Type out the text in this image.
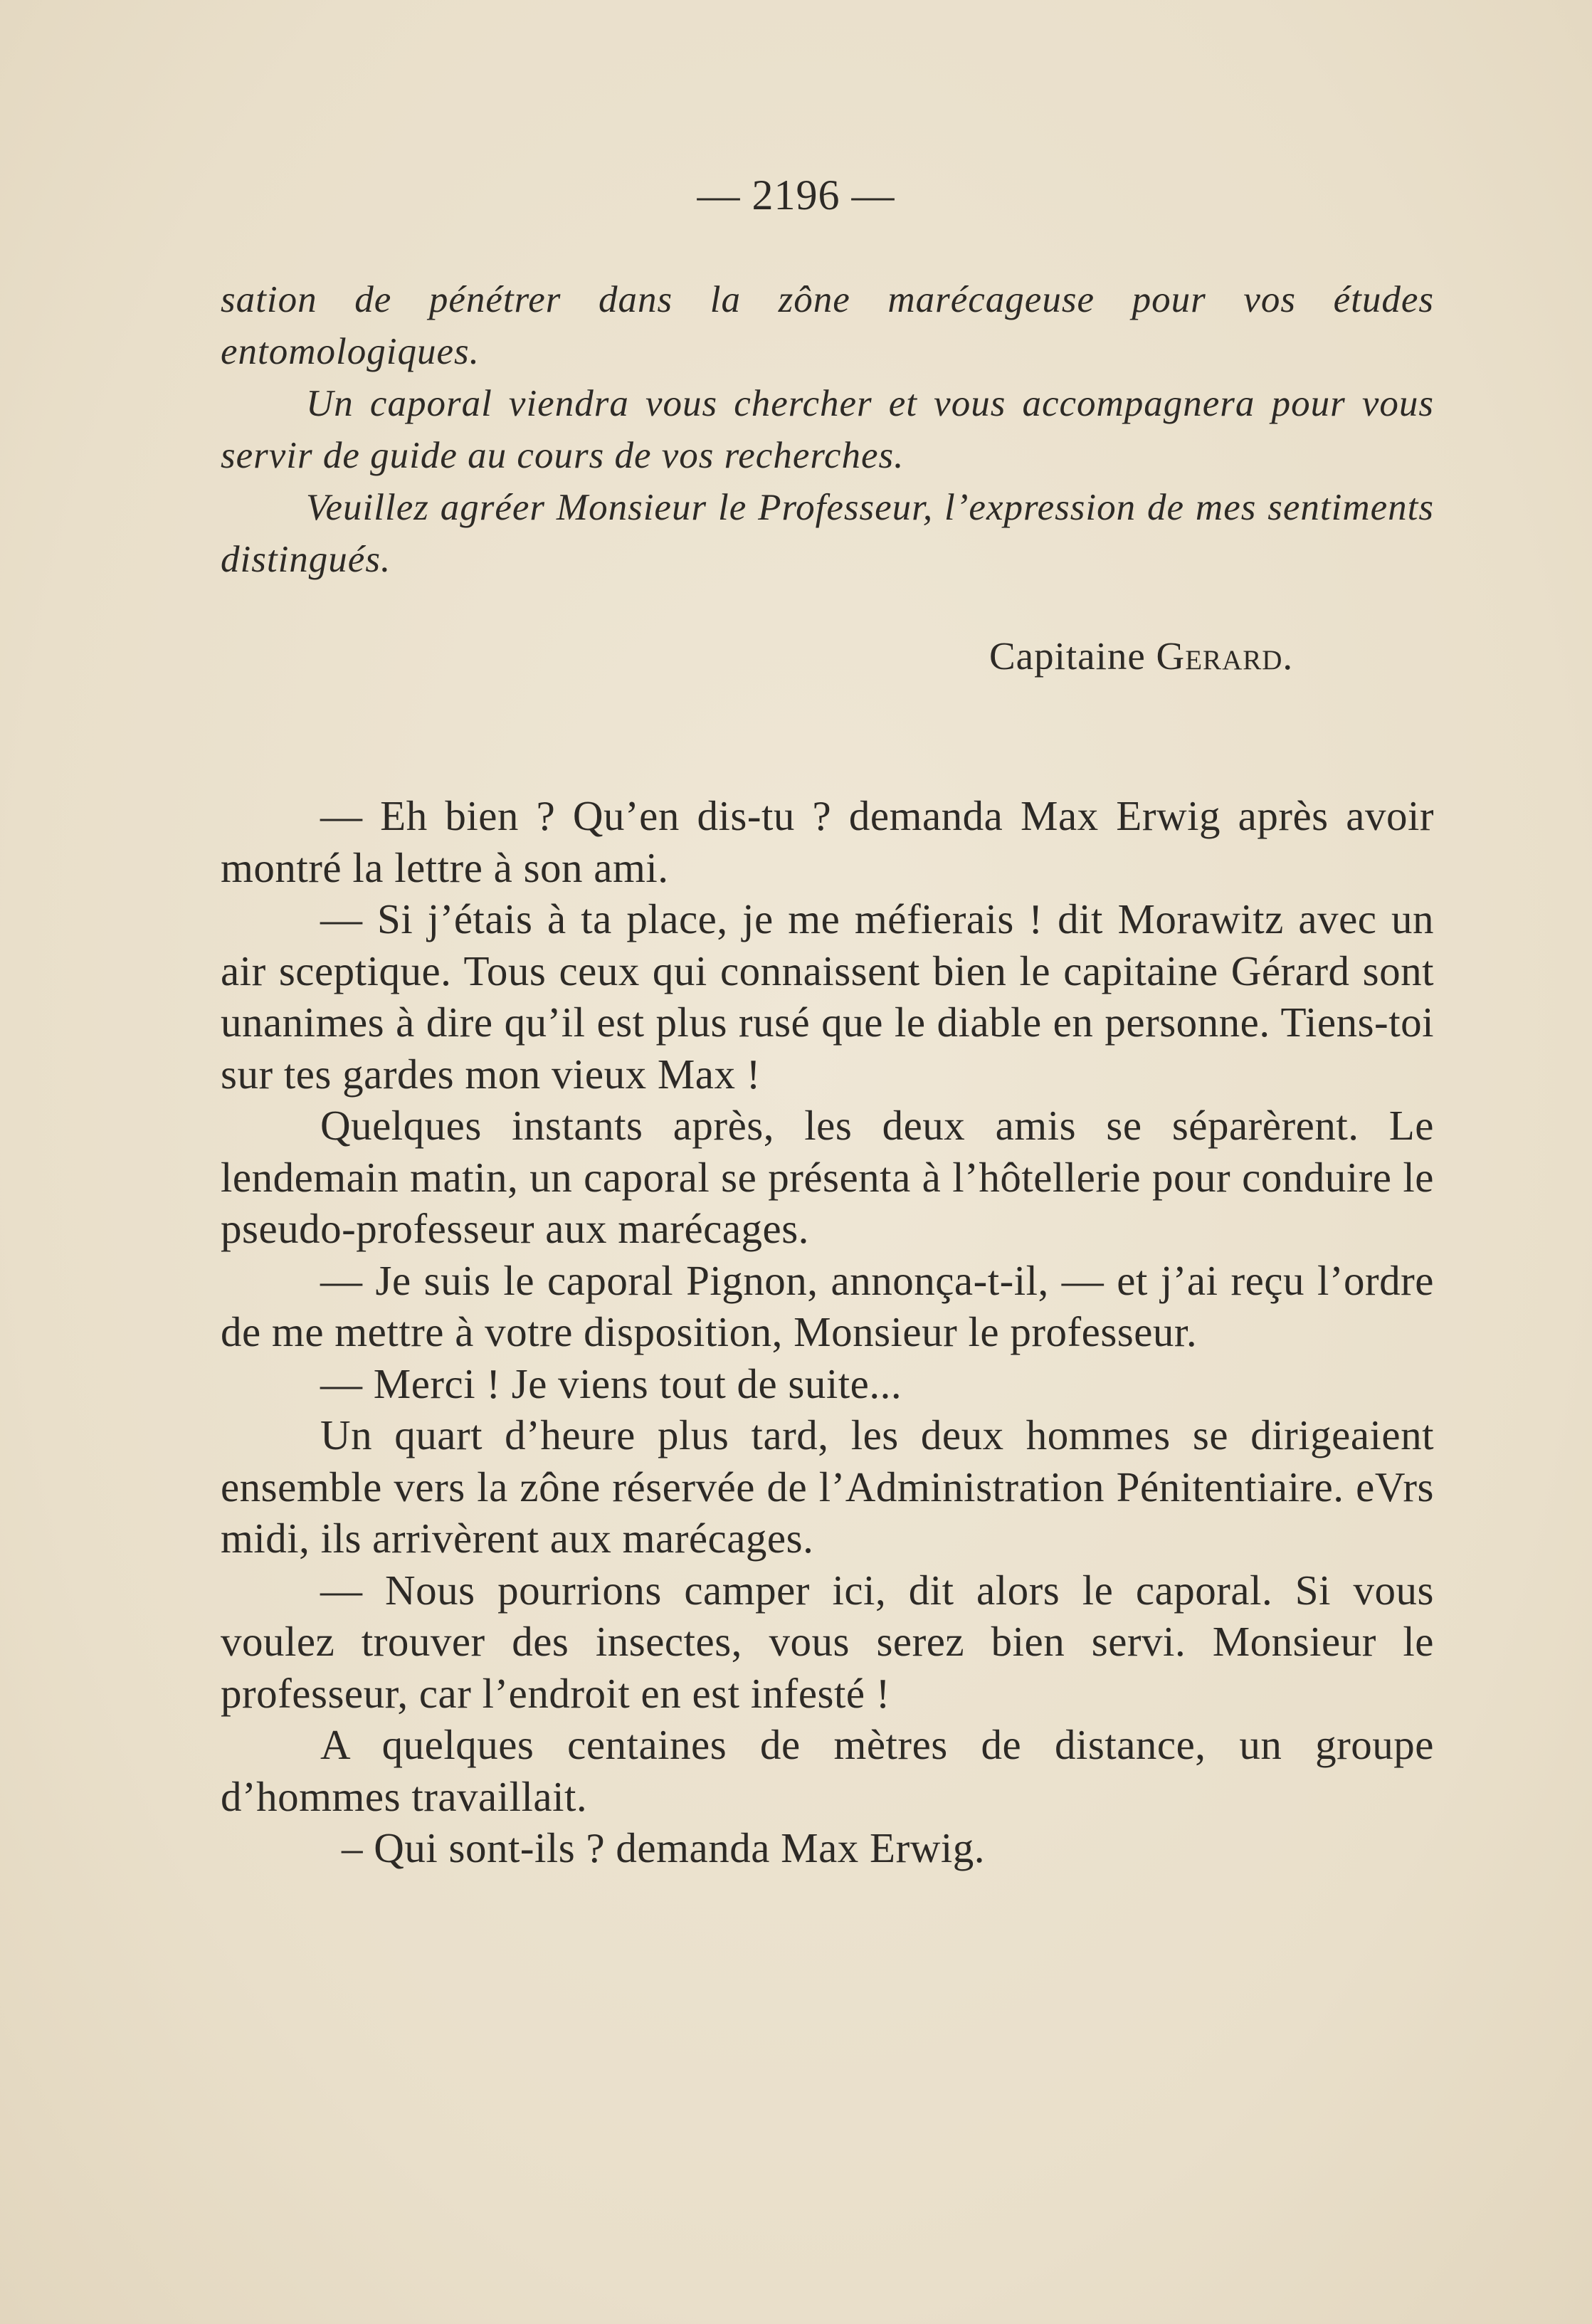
— 2196 —

sation de pénétrer dans la zône marécageuse pour vos études entomologiques.

Un caporal viendra vous chercher et vous accompagnera pour vous servir de guide au cours de vos recherches.

Veuillez agréer Monsieur le Professeur, l’expression de mes sentiments distingués.

Capitaine Gerard.

— Eh bien ? Qu’en dis-tu ? demanda Max Erwig après avoir montré la lettre à son ami.

— Si j’étais à ta place, je me méfierais ! dit Morawitz avec un air sceptique. Tous ceux qui connaissent bien le capitaine Gérard sont unanimes à dire qu’il est plus rusé que le diable en personne. Tiens-toi sur tes gardes mon vieux Max !

Quelques instants après, les deux amis se séparèrent. Le lendemain matin, un caporal se présenta à l’hôtellerie pour conduire le pseudo-professeur aux marécages.

— Je suis le caporal Pignon, annonça-t-il, — et j’ai reçu l’ordre de me mettre à votre disposition, Monsieur le professeur.

— Merci ! Je viens tout de suite...

Un quart d’heure plus tard, les deux hommes se dirigeaient ensemble vers la zône réservée de l’Administration Pénitentiaire. eVrs midi, ils arrivèrent aux marécages.

— Nous pourrions camper ici, dit alors le caporal. Si vous voulez trouver des insectes, vous serez bien servi. Monsieur le professeur, car l’endroit en est infesté !

A quelques centaines de mètres de distance, un groupe d’hommes travaillait.

– Qui sont-ils ? demanda Max Erwig.
